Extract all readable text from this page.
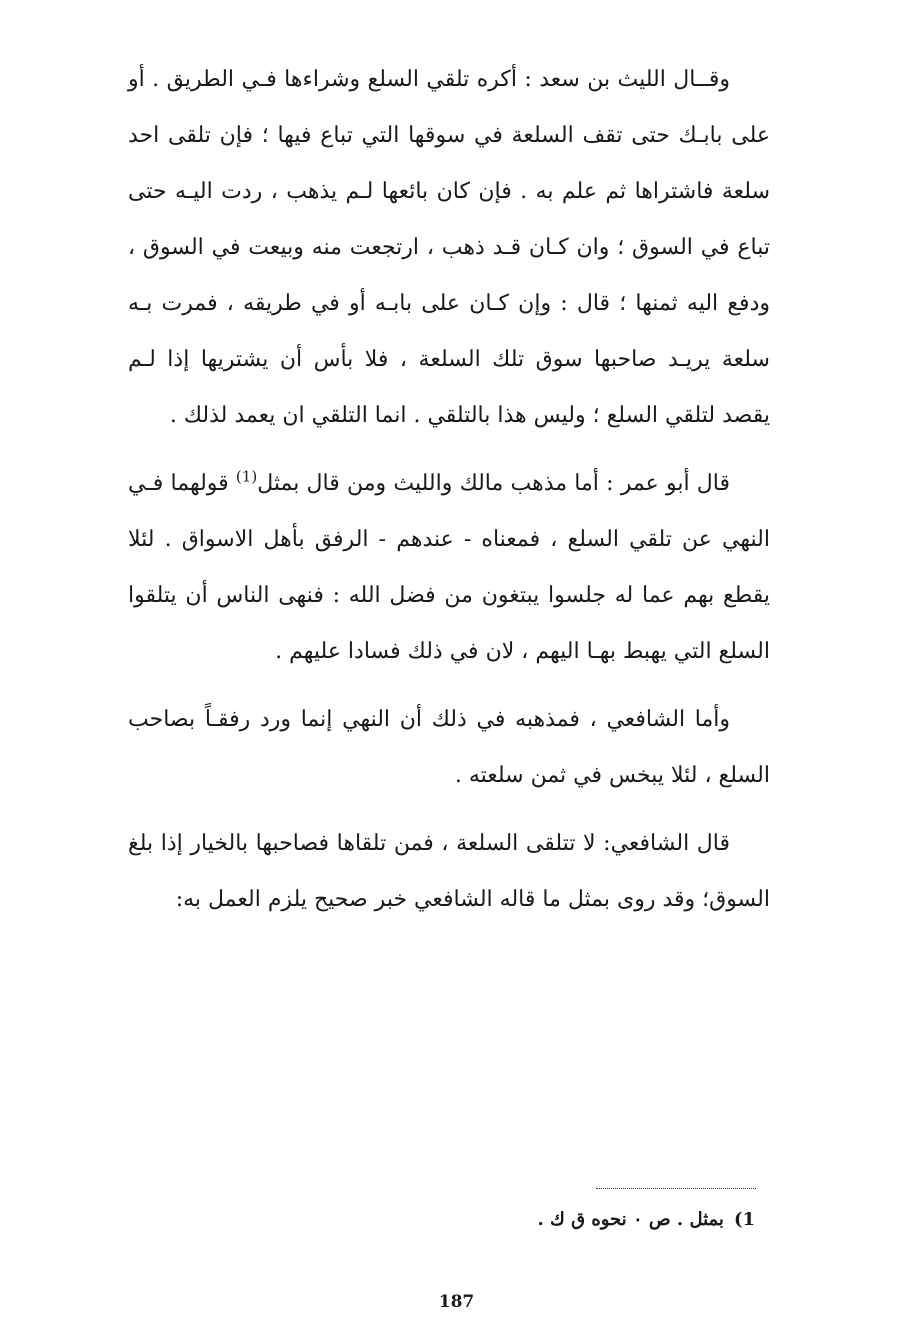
وقــال الليث بن سعد : أكره تلقي السلع وشراءها فـي الطريق . أو على بابـك حتى تقف السلعة في سوقها التي تباع فيها ؛ فإن تلقى احد سلعة فاشتراها ثم علم به . فإن كان بائعها لـم يذهب ، ردت اليـه حتى تباع في السوق ؛ وان كـان قـد ذهب ، ارتجعت منه وبيعت في السوق ، ودفع اليه ثمنها ؛ قال : وإن كـان على بابـه أو في طريقه ، فمرت بـه سلعة يريـد صاحبها سوق تلك السلعة ، فلا بأس أن يشتريها إذا لـم يقصد لتلقي السلع ؛ وليس هذا بالتلقي . انما التلقي ان يعمد لذلك .

قال أبو عمر : أما مذهب مالك والليث ومن قال بمثل$^{(1)}$ قولهما فـي النهي عن تلقي السلع ، فمعناه - عندهم - الرفق بأهل الاسواق . لئلا يقطع بهم عما له جلسوا يبتغون من فضل الله : فنهى الناس أن يتلقوا السلع التي يهبط بهـا اليهم ، لان في ذلك فسادا عليهم .

وأما الشافعي ، فمذهبه في ذلك أن النهي إنما ورد رفقـاً بصاحب السلع ، لئلا يبخس في ثمن سلعته .

قال الشافعي: لا تتلقى السلعة ، فمن تلقاها فصاحبها بالخيار إذا بلغ السوق؛ وقد روى بمثل ما قاله الشافعي خبر صحيح يلزم العمل به:

1)بمثل . ص ٠ نحوه ق ك .
187
